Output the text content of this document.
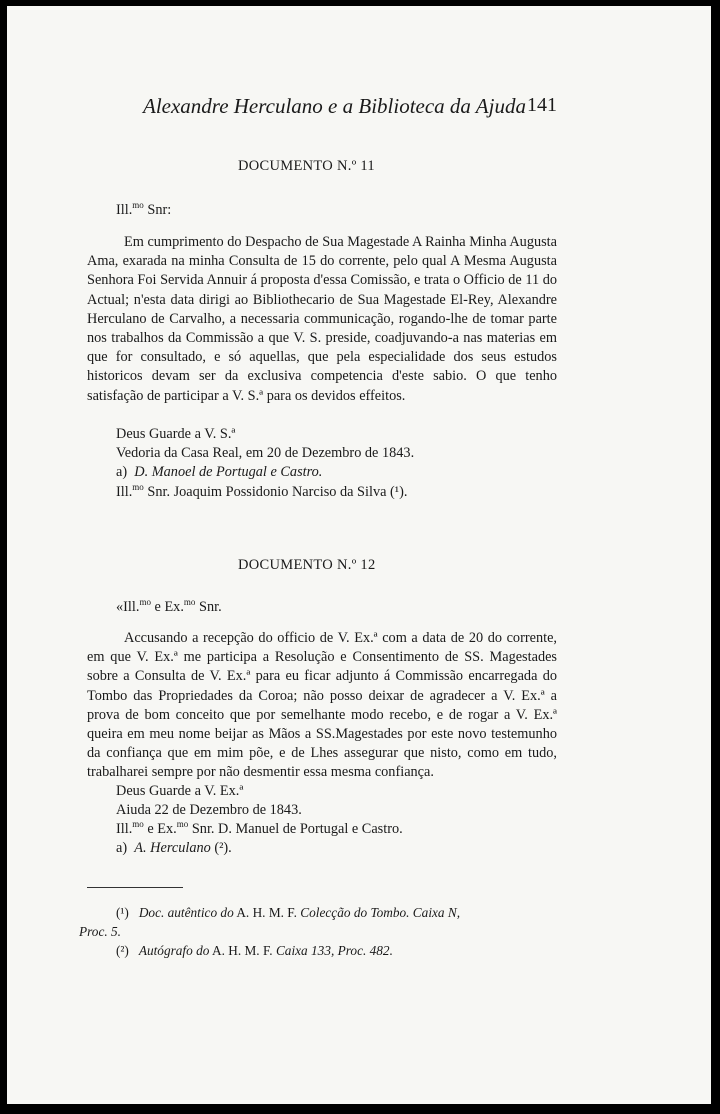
Alexandre Herculano e a Biblioteca da Ajuda 141
DOCUMENTO N.º 11
Ill.$^{mo}$ Snr:
Em cumprimento do Despacho de Sua Magestade A Rainha Minha Augusta Ama, exarada na minha Consulta de 15 do corrente, pelo qual A Mesma Augusta Senhora Foi Servida Annuir á proposta d'essa Comissão, e trata o Officio de 11 do Actual; n'esta data dirigi ao Bibliothecario de Sua Magestade El-Rey, Alexandre Herculano de Carvalho, a necessaria communicação, rogando-lhe de tomar parte nos trabalhos da Commissão a que V. S. preside, coadjuvando-a nas materias em que for consultado, e só aquellas, que pela especialidade dos seus estudos historicos devam ser da exclusiva competencia d'este sabio. O que tenho satisfação de participar a V. S.ª para os devidos effeitos.
Deus Guarde a V. S.ª
Vedoria da Casa Real, em 20 de Dezembro de 1843.
a) D. Manoel de Portugal e Castro.
Ill.$^{mo}$ Snr. Joaquim Possidonio Narciso da Silva (¹).
DOCUMENTO N.º 12
«Ill.$^{mo}$ e Ex.$^{mo}$ Snr.
Accusando a recepção do officio de V. Ex.ª com a data de 20 do corrente, em que V. Ex.ª me participa a Resolução e Consentimento de SS. Magestades sobre a Consulta de V. Ex.ª para eu ficar adjunto á Commissão encarregada do Tombo das Propriedades da Coroa; não posso deixar de agradecer a V. Ex.ª a prova de bom conceito que por semelhante modo recebo, e de rogar a V. Ex.ª queira em meu nome beijar as Mãos a SS.Magestades por este novo testemunho da confiança que em mim põe, e de Lhes assegurar que nisto, como em tudo, trabalharei sempre por não desmentir essa mesma confiança.
Deus Guarde a V. Ex.ª
Aiuda 22 de Dezembro de 1843.
Ill.$^{mo}$ e Ex.$^{mo}$ Snr. D. Manuel de Portugal e Castro.
a) A. Herculano (²).
(¹) Doc. autêntico do A. H. M. F. Colecção do Tombo. Caixa N,
Proc. 5.
(²) Autógrafo do A. H. M. F. Caixa 133, Proc. 482.
